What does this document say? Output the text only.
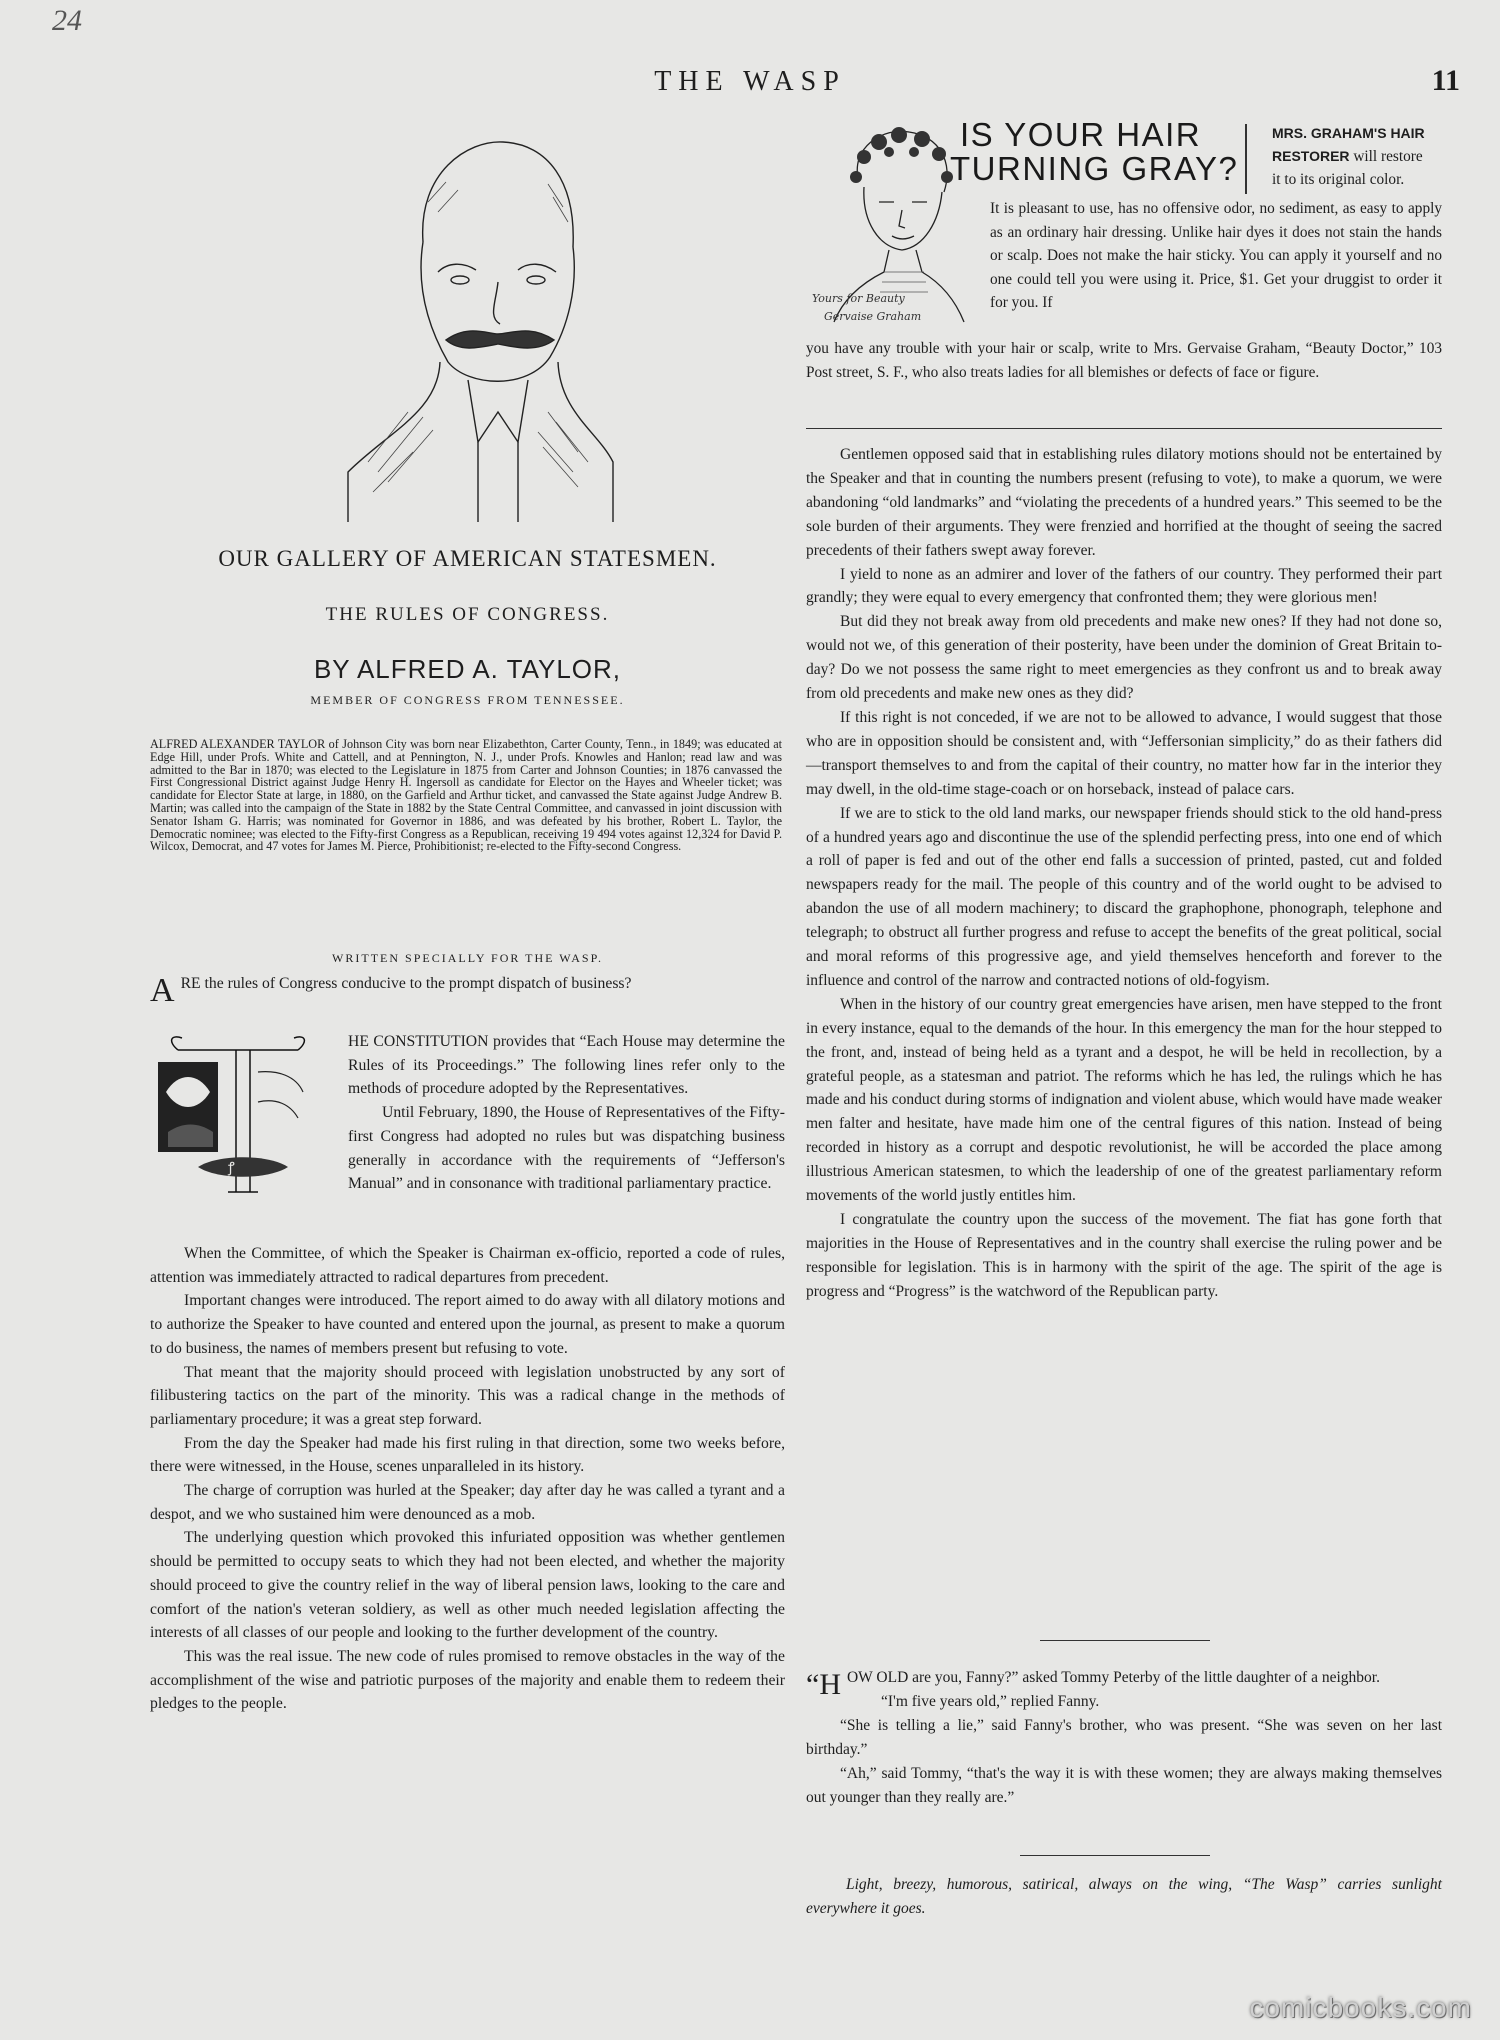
24
THE WASP	11
OUR GALLERY OF AMERICAN STATESMEN.
THE RULES OF CONGRESS.
BY ALFRED A. TAYLOR,
MEMBER OF CONGRESS FROM TENNESSEE.
ALFRED ALEXANDER TAYLOR of Johnson City was born near Elizabethton, Carter County, Tenn., in 1849; was educated at Edge Hill, under Profs. White and Cattell, and at Pennington, N. J., under Profs. Knowles and Hanlon; read law and was admitted to the Bar in 1870; was elected to the Legislature in 1875 from Carter and Johnson Counties; in 1876 canvassed the First Congressional District against Judge Henry H. Ingersoll as candidate for Elector on the Hayes and Wheeler ticket; was candidate for Elector State at large, in 1880, on the Garfield and Arthur ticket, and canvassed the State against Judge Andrew B. Martin; was called into the campaign of the State in 1882 by the State Central Committee, and canvassed in joint discussion with Senator Isham G. Harris; was nominated for Governor in 1886, and was defeated by his brother, Robert L. Taylor, the Democratic nominee; was elected to the Fifty-first Congress as a Republican, receiving 19 494 votes against 12,324 for David P. Wilcox, Democrat, and 47 votes for James M. Pierce, Prohibitionist; re-elected to the Fifty-second Congress.
WRITTEN SPECIALLY FOR THE WASP.
A RE the rules of Congress conducive to the prompt dispatch of business?
ꝭ

HE CONSTITUTION provides that “Each House may determine the Rules of its Proceedings.” The following lines refer only to the methods of procedure adopted by the Representatives.

Until February, 1890, the House of Representatives of the Fifty-first Congress had adopted no rules but was dispatching business generally in accordance with the requirements of “Jefferson's Manual” and in consonance with traditional parliamentary practice.

When the Committee, of which the Speaker is Chairman ex-officio, reported a code of rules, attention was immediately attracted to radical departures from precedent.

Important changes were introduced. The report aimed to do away with all dilatory motions and to authorize the Speaker to have counted and entered upon the journal, as present to make a quorum to do business, the names of members present but refusing to vote.

That meant that the majority should proceed with legislation unobstructed by any sort of filibustering tactics on the part of the minority. This was a radical change in the methods of parliamentary procedure; it was a great step forward.

From the day the Speaker had made his first ruling in that direction, some two weeks before, there were witnessed, in the House, scenes unparalleled in its history.

The charge of corruption was hurled at the Speaker; day after day he was called a tyrant and a despot, and we who sustained him were denounced as a mob.

The underlying question which provoked this infuriated opposition was whether gentlemen should be permitted to occupy seats to which they had not been elected, and whether the majority should proceed to give the country relief in the way of liberal pension laws, looking to the care and comfort of the nation's veteran soldiery, as well as other much needed legislation affecting the interests of all classes of our people and looking to the further development of the country.

This was the real issue. The new code of rules promised to remove obstacles in the way of the accomplishment of the wise and patriotic purposes of the majority and enable them to redeem their pledges to the people.

Yours for Beauty
Gervaise Graham
IS YOUR HAIR
TURNING GRAY?
MRS. GRAHAM'S HAIR
RESTORER will restore
it to its original color.
It is pleasant to use, has no offensive odor, no sediment, as easy to apply as an ordinary hair dressing. Unlike hair dyes it does not stain the hands or scalp. Does not make the hair sticky. You can apply it yourself and no one could tell you were using it. Price, $1. Get your druggist to order it for you. If
you have any trouble with your hair or scalp, write to Mrs. Gervaise Graham, “Beauty Doctor,” 103 Post street, S. F., who also treats ladies for all blemishes or defects of face or figure.

Gentlemen opposed said that in establishing rules dilatory motions should not be entertained by the Speaker and that in counting the numbers present (refusing to vote), to make a quorum, we were abandoning “old landmarks” and “violating the precedents of a hundred years.” This seemed to be the sole burden of their arguments. They were frenzied and horrified at the thought of seeing the sacred precedents of their fathers swept away forever.

I yield to none as an admirer and lover of the fathers of our country. They performed their part grandly; they were equal to every emergency that confronted them; they were glorious men!

But did they not break away from old precedents and make new ones? If they had not done so, would not we, of this generation of their posterity, have been under the dominion of Great Britain to-day? Do we not possess the same right to meet emergencies as they confront us and to break away from old precedents and make new ones as they did?

If this right is not conceded, if we are not to be allowed to advance, I would suggest that those who are in opposition should be consistent and, with “Jeffersonian simplicity,” do as their fathers did—transport themselves to and from the capital of their country, no matter how far in the interior they may dwell, in the old-time stage-coach or on horseback, instead of palace cars.

If we are to stick to the old land marks, our newspaper friends should stick to the old hand-press of a hundred years ago and discontinue the use of the splendid perfecting press, into one end of which a roll of paper is fed and out of the other end falls a succession of printed, pasted, cut and folded newspapers ready for the mail. The people of this country and of the world ought to be advised to abandon the use of all modern machinery; to discard the graphophone, phonograph, telephone and telegraph; to obstruct all further progress and refuse to accept the benefits of the great political, social and moral reforms of this progressive age, and yield themselves henceforth and forever to the influence and control of the narrow and contracted notions of old-fogyism.

When in the history of our country great emergencies have arisen, men have stepped to the front in every instance, equal to the demands of the hour. In this emergency the man for the hour stepped to the front, and, instead of being held as a tyrant and a despot, he will be held in recollection, by a grateful people, as a statesman and patriot. The reforms which he has led, the rulings which he has made and his conduct during storms of indignation and violent abuse, which would have made weaker men falter and hesitate, have made him one of the central figures of this nation. Instead of being recorded in history as a corrupt and despotic revolutionist, he will be accorded the place among illustrious American statesmen, to which the leadership of one of the greatest parliamentary reform movements of the world justly entitles him.

I congratulate the country upon the success of the movement. The fiat has gone forth that majorities in the House of Representatives and in the country shall exercise the ruling power and be responsible for legislation. This is in harmony with the spirit of the age. The spirit of the age is progress and “Progress” is the watchword of the Republican party.

“H OW OLD are you, Fanny?” asked Tommy Peterby of the little daughter of a neighbor.

“I'm five years old,” replied Fanny.

“She is telling a lie,” said Fanny's brother, who was present. “She was seven on her last birthday.”

“Ah,” said Tommy, “that's the way it is with these women; they are always making themselves out younger than they really are.”

Light, breezy, humorous, satirical, always on the wing, “The Wasp” carries sunlight everywhere it goes.
comicbooks.com
